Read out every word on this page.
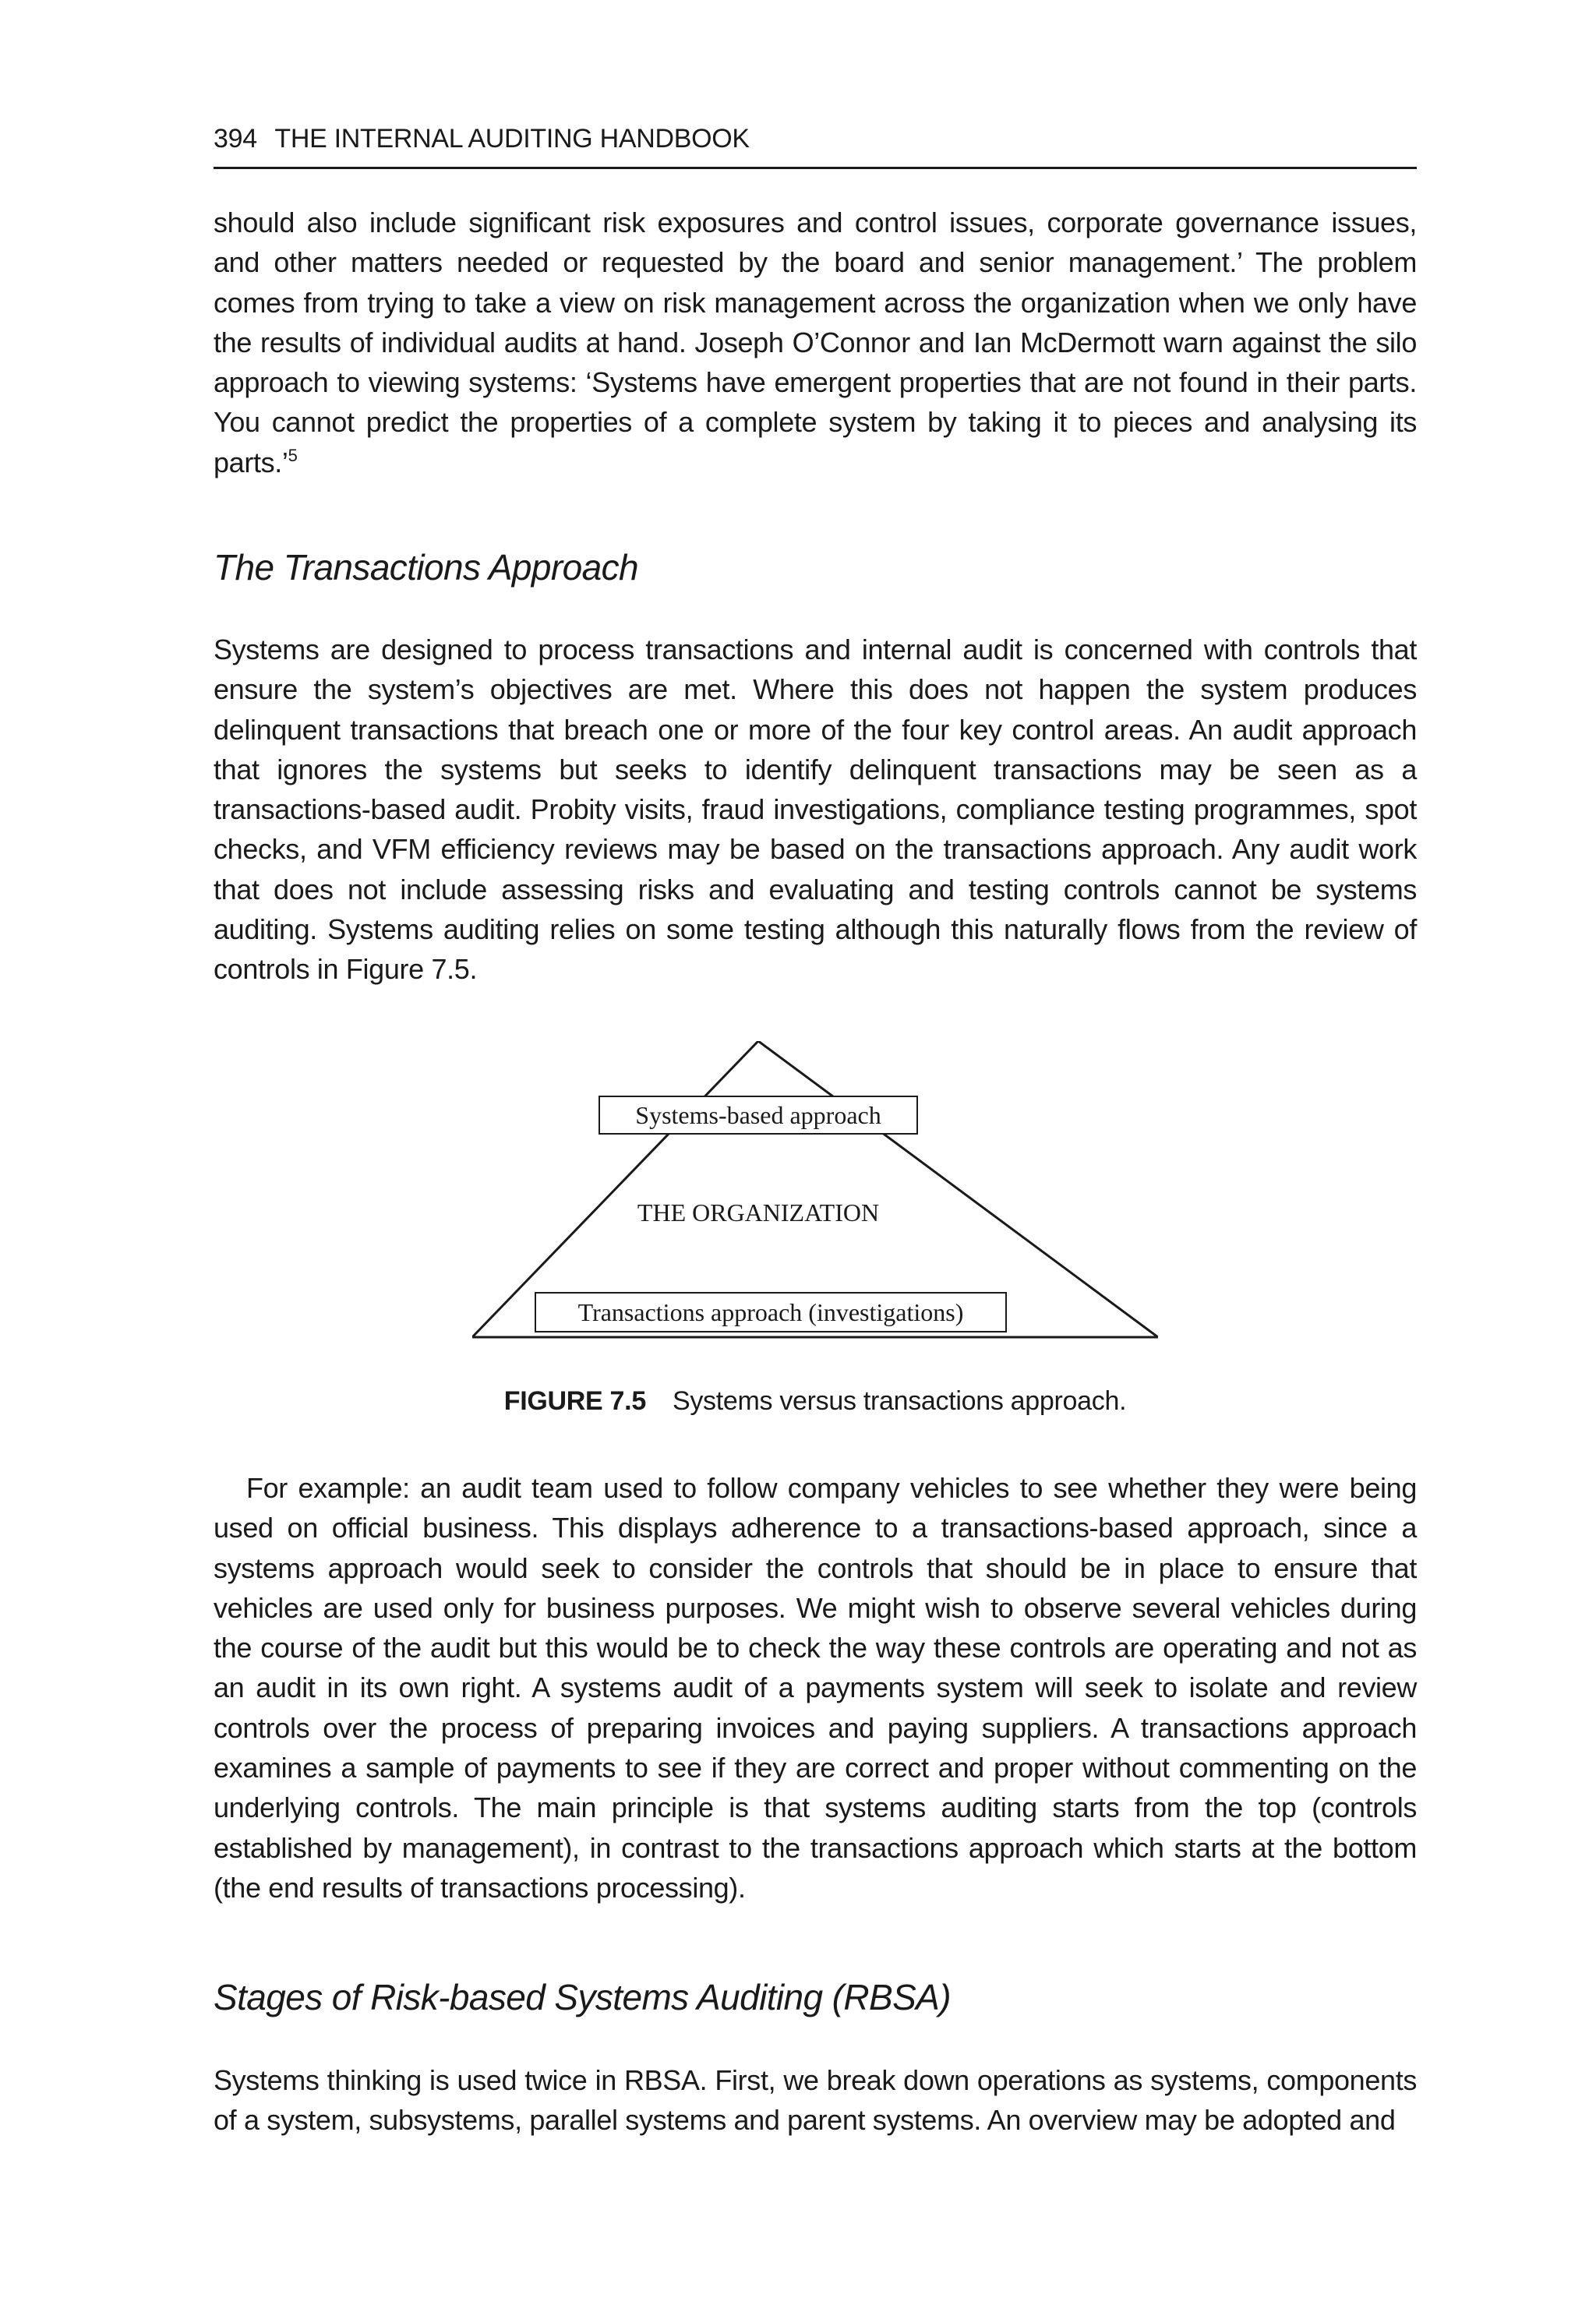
394 THE INTERNAL AUDITING HANDBOOK

should also include significant risk exposures and control issues, corporate governance issues, and other matters needed or requested by the board and senior management.’ The problem comes from trying to take a view on risk management across the organization when we only have the results of individual audits at hand. Joseph O’Connor and Ian McDermott warn against the silo approach to viewing systems: ‘Systems have emergent properties that are not found in their parts. You cannot predict the properties of a complete system by taking it to pieces and analysing its parts.’$^5$

The Transactions Approach

Systems are designed to process transactions and internal audit is concerned with controls that ensure the system’s objectives are met. Where this does not happen the system produces delinquent transactions that breach one or more of the four key control areas. An audit approach that ignores the systems but seeks to identify delinquent transactions may be seen as a transactions-based audit. Probity visits, fraud investigations, compliance testing programmes, spot checks, and VFM efficiency reviews may be based on the transactions approach. Any audit work that does not include assessing risks and evaluating and testing controls cannot be systems auditing. Systems auditing relies on some testing although this naturally flows from the review of controls in Figure 7.5.

Systems-based approach
THE ORGANIZATION
Transactions approach (investigations)
FIGURE 7.5 Systems versus transactions approach.

For example: an audit team used to follow company vehicles to see whether they were being used on official business. This displays adherence to a transactions-based approach, since a systems approach would seek to consider the controls that should be in place to ensure that vehicles are used only for business purposes. We might wish to observe several vehicles during the course of the audit but this would be to check the way these controls are operating and not as an audit in its own right. A systems audit of a payments system will seek to isolate and review controls over the process of preparing invoices and paying suppliers. A transactions approach examines a sample of payments to see if they are correct and proper without commenting on the underlying controls. The main principle is that systems auditing starts from the top (controls established by management), in contrast to the transactions approach which starts at the bottom (the end results of transactions processing).

Stages of Risk-based Systems Auditing (RBSA)

Systems thinking is used twice in RBSA. First, we break down operations as systems, components of a system, subsystems, parallel systems and parent systems. An overview may be adopted and
